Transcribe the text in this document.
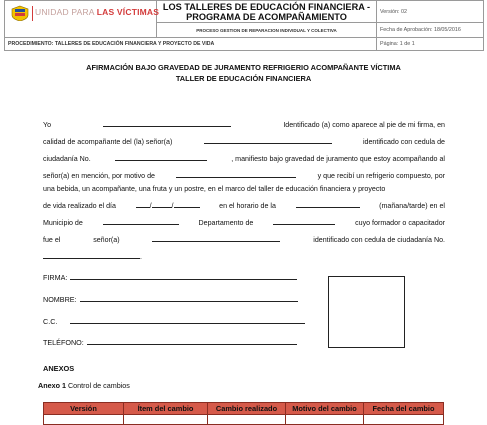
UNIDAD PARA LAS VÍCTIMAS	LOS TALLERES DE EDUCACIÓN FINANCIERA -
PROGRAMA DE ACOMPAÑAMIENTO	Versión: 02
	PROCESO GESTION DE REPARACION INDIVIDUAL Y COLECTIVA	Fecha de Aprobación: 18/05/2016
PROCEDIMIENTO: TALLERES DE EDUCACIÓN FINANCIERA Y PROYECTO DE VIDA		Página: 1 de 1
AFIRMACIÓN BAJO GRAVEDAD DE JURAMENTO REFRIGERIO ACOMPAÑANTE VÍCTIMA
TALLER DE EDUCACIÓN FINANCIERA
Yo	Identificado (a) como aparece al pie de mi firma, en
calidad de acompañante del (la) señor(a)	identificado con cedula de
ciudadanía No.	, manifiesto bajo gravedad de juramento que estoy acompañando al
señor(a) en mención, por motivo de	y que recibí un refrigerio compuesto, por
una bebida, un acompañante, una fruta y un postre, en el marco del taller de educación financiera y proyecto
de vida realizado el día	/	/	en el horario de la	(mañana/tarde) en el
Municipio de	Departamento de	cuyo formador o capacitador
fue el	señor(a)	identificado con cedula de ciudadanía No.
.
FIRMA:
NOMBRE:
C.C.
TELÉFONO:
ANEXOS
Anexo 1 Control de cambios
Versión	Ítem del cambio	Cambio realizado	Motivo del cambio	Fecha del cambio
